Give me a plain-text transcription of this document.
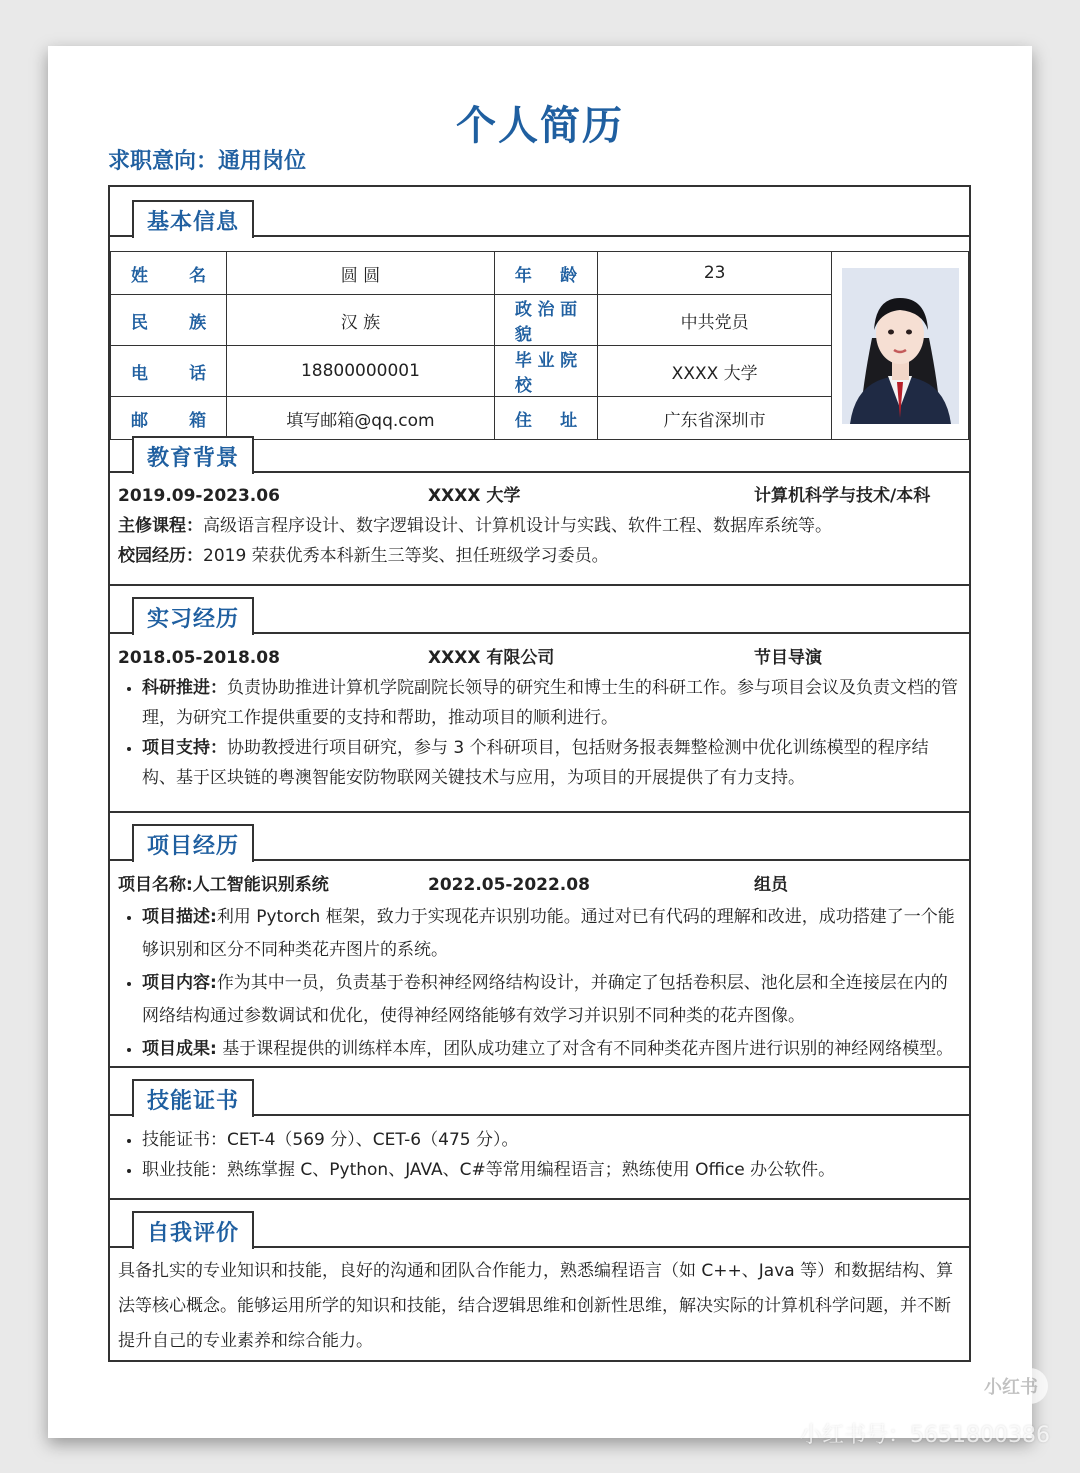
个人简历
求职意向：通用岗位
基本信息
姓名	圆 圆	年龄	23	

民族	汉 族	政治面貌	中共党员	
电话	18800000001	毕业院校	XXXX 大学	
邮箱	填写邮箱@qq.com	住址	广东省深圳市	
教育背景
2019.09-2023.06	XXXX 大学	计算机科学与技术/本科

主修课程：高级语言程序设计、数字逻辑设计、计算机设计与实践、软件工程、数据库系统等。
校园经历：2019 荣获优秀本科新生三等奖、担任班级学习委员。
实习经历
2018.05-2018.08	XXXX 有限公司	节目导演

• 科研推进：负责协助推进计算机学院副院长领导的研究生和博士生的科研工作。参与项目会议及负责文档的管理，为研究工作提供重要的支持和帮助，推动项目的顺利进行。
• 项目支持：协助教授进行项目研究，参与 3 个科研项目，包括财务报表舞整检测中优化训练模型的程序结构、基于区块链的粤澳智能安防物联网关键技术与应用，为项目的开展提供了有力支持。
项目经历
项目名称:人工智能识别系统	2022.05-2022.08	组员

• 项目描述:利用 Pytorch 框架，致力于实现花卉识别功能。通过对已有代码的理解和改进，成功搭建了一个能够识别和区分不同种类花卉图片的系统。
• 项目内容:作为其中一员，负责基于卷积神经网络结构设计，并确定了包括卷积层、池化层和全连接层在内的网络结构通过参数调试和优化，使得神经网络能够有效学习并识别不同种类的花卉图像。
• 项目成果: 基于课程提供的训练样本库，团队成功建立了对含有不同种类花卉图片进行识别的神经网络模型。
技能证书
• 技能证书：CET-4（569 分）、CET-6（475 分）。
• 职业技能：熟练掌握 C、Python、JAVA、C#等常用编程语言；熟练使用 Office 办公软件。
自我评价
具备扎实的专业知识和技能，良好的沟通和团队合作能力，熟悉编程语言（如 C++、Java 等）和数据结构、算法等核心概念。能够运用所学的知识和技能，结合逻辑思维和创新性思维，解决实际的计算机科学问题，并不断提升自己的专业素养和综合能力。
小红书
小红书号：5651800386
